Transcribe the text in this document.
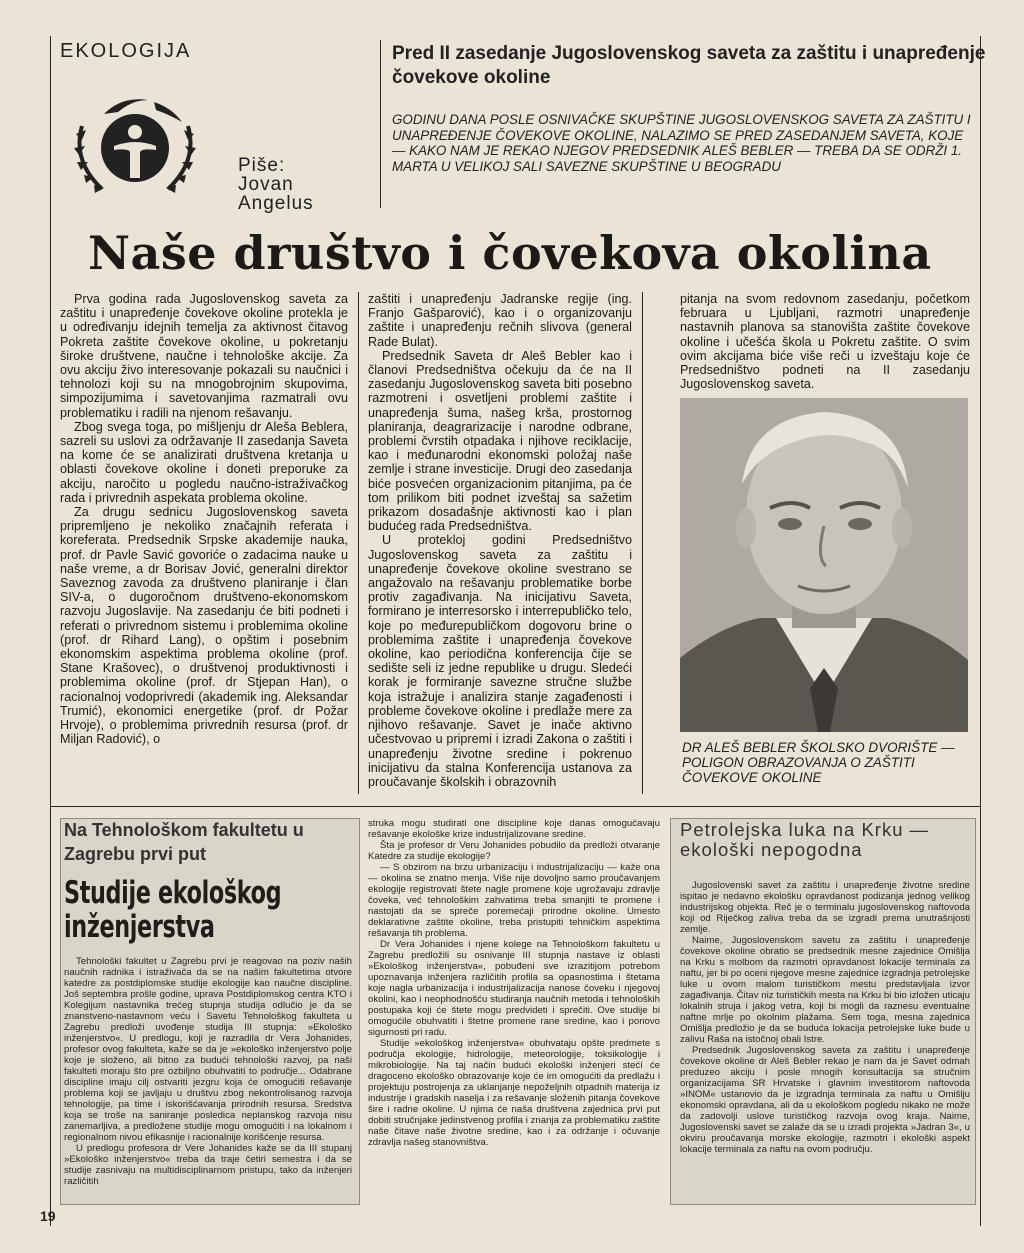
EKOLOGIJA
Piše:
Jovan
Angelus
Pred II zasedanje Jugoslovenskog saveta za zaštitu i unapređenje čovekove okoline
GODINU DANA POSLE OSNIVAČKE SKUPŠTINE JUGOSLOVENSKOG SAVETA ZA ZAŠTITU I UNAPREĐENJE ČOVEKOVE OKOLINE, NALAZIMO SE PRED ZASEDANJEM SAVETA, KOJE — KAKO NAM JE REKAO NJEGOV PREDSEDNIK ALEŠ BEBLER — TREBA DA SE ODRŽI 1. MARTA U VELIKOJ SALI SAVEZNE SKUPŠTINE U BEOGRADU
Naše društvo i čovekova okolina

Prva godina rada Jugoslovenskog saveta za zaštitu i unapređenje čovekove okoline protekla je u određivanju idejnih temelja za aktivnost čitavog Pokreta zaštite čovekove okoline, u pokretanju široke društvene, naučne i tehnološke akcije. Za ovu akciju živo interesovanje pokazali su naučnici i tehnolozi koji su na mnogobrojnim skupovima, simpozijumima i savetovanjima razmatrali ovu problematiku i radili na njenom rešavanju.

Zbog svega toga, po mišljenju dr Aleša Beblera, sazreli su uslovi za održavanje II zasedanja Saveta na kome će se analizirati društvena kretanja u oblasti čovekove okoline i doneti preporuke za akciju, naročito u pogledu naučno-istraživačkog rada i privrednih aspekata problema okoline.

Za drugu sednicu Jugoslovenskog saveta pripremljeno je nekoliko značajnih referata i koreferata. Predsednik Srpske akademije nauka, prof. dr Pavle Savić govoriće o zadacima nauke u naše vreme, a dr Borisav Jović, generalni direktor Saveznog zavoda za društveno planiranje i član SIV-a, o dugoročnom društveno-ekonomskom razvoju Jugoslavije. Na zasedanju će biti podneti i referati o privrednom sistemu i problemima okoline (prof. dr Rihard Lang), o opštim i posebnim ekonomskim aspektima problema okoline (prof. Stane Krašovec), o društvenoj produktivnosti i problemima okoline (prof. dr Stjepan Han), o racionalnoj vodoprivredi (akademik ing. Aleksandar Trumić), ekonomici energetike (prof. dr Požar Hrvoje), o problemima privrednih resursa (prof. dr Miljan Radović), o

zaštiti i unapređenju Jadranske regije (ing. Franjo Gašparović), kao i o organizovanju zaštite i unapređenju rečnih slivova (general Rade Bulat).

Predsednik Saveta dr Aleš Bebler kao i članovi Predsedništva očekuju da će na II zasedanju Jugoslovenskog saveta biti posebno razmotreni i osvetljeni problemi zaštite i unapređenja šuma, našeg krša, prostornog planiranja, deagrarizacije i narodne odbrane, problemi čvrstih otpadaka i njihove reciklacije, kao i međunarodni ekonomski položaj naše zemlje i strane investicije. Drugi deo zasedanja biće posvećen organizacionim pitanjima, pa će tom prilikom biti podnet izveštaj sa sažetim prikazom dosadašnje aktivnosti kao i plan budućeg rada Predsedništva.

U protekloj godini Predsedništvo Jugoslovenskog saveta za zaštitu i unapređenje čovekove okoline svestrano se angažovalo na rešavanju problematike borbe protiv zagađivanja. Na inicijativu Saveta, formirano je interresorsko i interrepubličko telo, koje po međurepubličkom dogovoru brine o problemima zaštite i unapređenja čovekove okoline, kao periodična konferencija čije se sedište seli iz jedne republike u drugu. Sledeći korak je formiranje savezne stručne službe koja istražuje i analizira stanje zagađenosti i probleme čovekove okoline i predlaže mere za njihovo rešavanje. Savet je inače aktivno učestvovao u pripremi i izradi Zakona o zaštiti i unapređenju životne sredine i pokrenuo inicijativu da stalna Konferencija ustanova za proučavanje školskih i obrazovnih

pitanja na svom redovnom zasedanju, početkom februara u Ljubljani, razmotri unapređenje nastavnih planova sa stanovišta zaštite čovekove okoline i učešća škola u Pokretu zaštite. O svim ovim akcijama biće više reči u izveštaju koje će Predsedništvo podneti na II zasedanju Jugoslovenskog saveta.

DR ALEŠ BEBLER ŠKOLSKO DVORIŠTE — POLIGON OBRAZOVANJA O ZAŠTITI ČOVEKOVE OKOLINE
Na Tehnološkom fakultetu u Zagrebu prvi put
Studije ekološkog inženjerstva

Tehnološki fakultet u Zagrebu prvi je reagovao na poziv naših naučnih radnika i istraživača da se na našim fakultetima otvore katedre za postdiplomske studije ekologije kao naučne discipline. Još septembra prošle godine, uprava Postdiplomskog centra KTO i Kolegijum nastavnika trećeg stupnja studija odlučio je da se znanstveno-nastavnom veću i Savetu Tehnološkog fakulteta u Zagrebu predloži uvođenje studija III stupnja: »Ekološko inženjerstvo«. U predlogu, koji je razradila dr Vera Johanides, profesor ovog fakulteta, kaže se da je »ekološko inženjerstvo polje koje je složeno, ali bitno za budući tehnološki razvoj, pa naši fakulteti moraju što pre ozbiljno obuhvatiti to područje... Odabrane discipline imaju cilj ostvariti jezgru koja će omogućiti rešavanje problema koji se javljaju u društvu zbog nekontrolisanog razvoja tehnologije, pa time i iskorišćavanja prirodnih resursa. Sredstva koja se troše na saniranje posledica neplanskog razvoja nisu zanemarljiva, a predložene studije mogu omogućiti i na lokalnom i regionalnom nivou efikasnije i racionalnije korišćenje resursa.

U predlogu profesora dr Vere Johanides kaže se da III stupanj »Ekološko inženjerstvo« treba da traje četiri semestra i da se studije zasnivaju na multidisciplinarnom pristupu, tako da inženjeri različitih

struka mogu studirati one discipline koje danas omogućavaju rešavanje ekološke krize industrijalizovane sredine.

Šta je profesor dr Veru Johanides pobudilo da predloži otvaranje Katedre za studije ekologije?

— S obzirom na brzu urbanizaciju i industrijalizaciju — kaže ona — okolina se znatno menja. Više nije dovoljno samo proučavanjem ekologije registrovati štete nagle promene koje ugrožavaju zdravlje čoveka, već tehnološkim zahvatima treba smanjiti te promene i nastojati da se spreče poremećaji prirodne okoline. Umesto deklarativne zaštite okoline, treba pristupiti tehničkim aspektima rešavanja tih problema.

Dr Vera Johanides i njene kolege na Tehnološkom fakultetu u Zagrebu predložili su osnivanje III stupnja nastave iz oblasti »Ekološkog inženjerstva«, pobuđeni sve izrazitijom potrebom upoznavanja inženjera različitih profila sa opasnostima i štetama koje nagla urbanizacija i industrijalizacija nanose čoveku i njegovoj okolini, kao i neophodnošću studiranja naučnih metoda i tehnoloških postupaka koji će štete mogu predvideti i sprečiti. Ove studije bi omogućile obuhvatiti i štetne promene rane sredine, kao i ponovo sigurnosti pri radu.

Studije »ekološkog inženjerstva« obuhvataju opšte predmete s područja ekologije, hidrologije, meteorologije, toksikologije i mikrobiologije. Na taj način budući ekološki inženjeri stećí će dragoceno ekološko obrazovanje koje će im omogućiti da predlažu i projektuju postrojenja za uklanjanje nepoželjnih otpadnih materija iz industrije i gradskih naselja i za rešavanje složenih pitanja čovekove šire i radne okoline. U njima će naša društvena zajednica prvi put dobiti stručnjake jedinstvenog profila i znanja za problematiku zaštite naše čitave naše životne sredine, kao i za održanje i očuvanje zdravlja našeg stanovništva.

Petrolejska luka na Krku — ekološki nepogodna

Jugoslovenski savet za zaštitu i unapređenje životne sredine ispitao je nedavno ekološku opravdanost podizanja jednog velikog industrijskog objekta. Reč je o terminalu jugoslovenskog naftovoda koji od Riječkog zaliva treba da se izgradi prema unutrašnjosti zemlje.

Naime, Jugoslovenskom savetu za zaštitu i unapređenje čovekove okoline obratio se predsednik mesne zajednice Omišlja na Krku s molbom da razmotri opravdanost lokacije terminala za naftu, jer bi po oceni njegove mesne zajednice izgradnja petrolejske luke u ovom malom turističkom mestu predstavljala izvor zagađivanja. Čitav niz turističkih mesta na Krku bi bio izložen uticaju lokalnih struja i jakog vetra, koji bi mogli da raznesu eventualne naftne mrlje po okolnim plažama. Sem toga, mesna zajednica Omišlja predložio je da se buduća lokacija petrolejske luke bude u zalivu Raša na istočnoj obali Istre.

Predsednik Jugoslovenskog saveta za zaštitu i unapređenje čovekove okoline dr Aleš Bebler rekao je nam da je Savet odmah preduzeo akciju i posle mnogih konsultacija sa stručnim organizacijama SR Hrvatske i glavnim investitorom naftovoda »INOM« ustanovio da je izgradnja terminala za naftu u Omišlju ekonomski opravdana, ali da u ekološkom pogledu nikako ne može da zadovolji uslove turističkog razvoja ovog kraja. Naime, Jugoslovenski savet se zalaže da se u izradi projekta »Jadran 3«, u okviru proučavanja morske ekologije, razmotri i ekološki aspekt lokacije terminala za naftu na ovom području.

19
